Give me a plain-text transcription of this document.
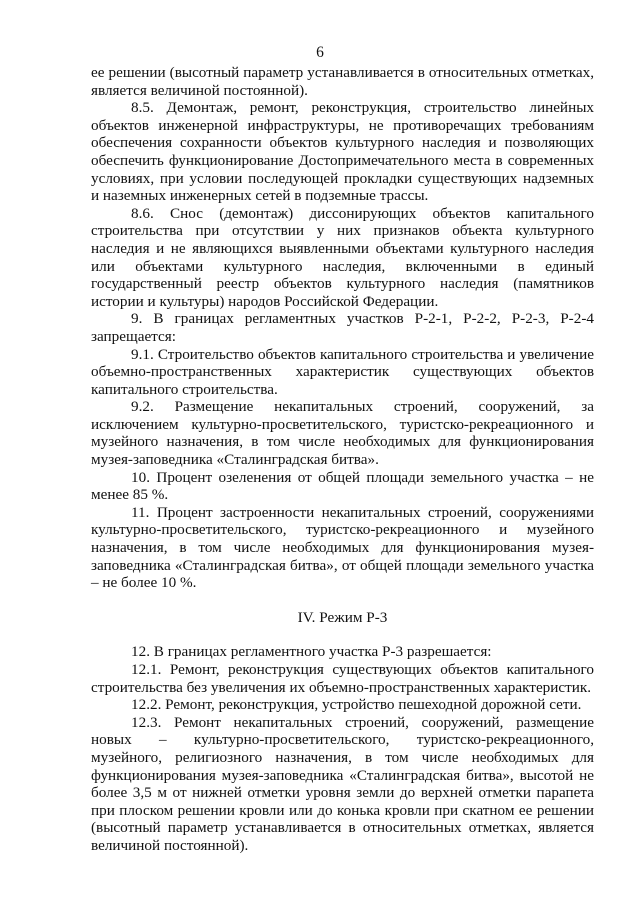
6

ее решении (высотный параметр устанавливается в относительных отметках, является величиной постоянной).

8.5. Демонтаж, ремонт, реконструкция, строительство линейных объектов инженерной инфраструктуры, не противоречащих требованиям обеспечения сохранности объектов культурного наследия и позволяющих обеспечить функционирование Достопримечательного места в современных условиях, при условии последующей прокладки существующих надземных и наземных инженерных сетей в подземные трассы.

8.6. Снос (демонтаж) диссонирующих объектов капитального строительства при отсутствии у них признаков объекта культурного наследия и не являющихся выявленными объектами культурного наследия или объектами культурного наследия, включенными в единый государственный реестр объектов культурного наследия (памятников истории и культуры) народов Российской Федерации.

9. В границах регламентных участков Р-2-1, Р-2-2, Р-2-3, Р-2-4 запрещается:

9.1. Строительство объектов капитального строительства и увеличение объемно-пространственных характеристик существующих объектов капитального строительства.

9.2. Размещение некапитальных строений, сооружений, за исключением культурно-просветительского, туристско-рекреационного и музейного назначения, в том числе необходимых для функционирования музея-заповедника «Сталинградская битва».

10. Процент озеленения от общей площади земельного участка – не менее 85 %.

11. Процент застроенности некапитальных строений, сооружениями культурно-просветительского, туристско-рекреационного и музейного назначения, в том числе необходимых для функционирования музея-заповедника «Сталинградская битва», от общей площади земельного участка – не более 10 %.

IV. Режим Р-3

12. В границах регламентного участка Р-3 разрешается:

12.1. Ремонт, реконструкция существующих объектов капитального строительства без увеличения их объемно-пространственных характеристик.

12.2. Ремонт, реконструкция, устройство пешеходной дорожной сети.

12.3. Ремонт некапитальных строений, сооружений, размещение новых – культурно-просветительского, туристско-рекреационного, музейного, религиозного назначения, в том числе необходимых для функционирования музея-заповедника «Сталинградская битва», высотой не более 3,5 м от нижней отметки уровня земли до верхней отметки парапета при плоском решении кровли или до конька кровли при скатном ее решении (высотный параметр устанавливается в относительных отметках, является величиной постоянной).
